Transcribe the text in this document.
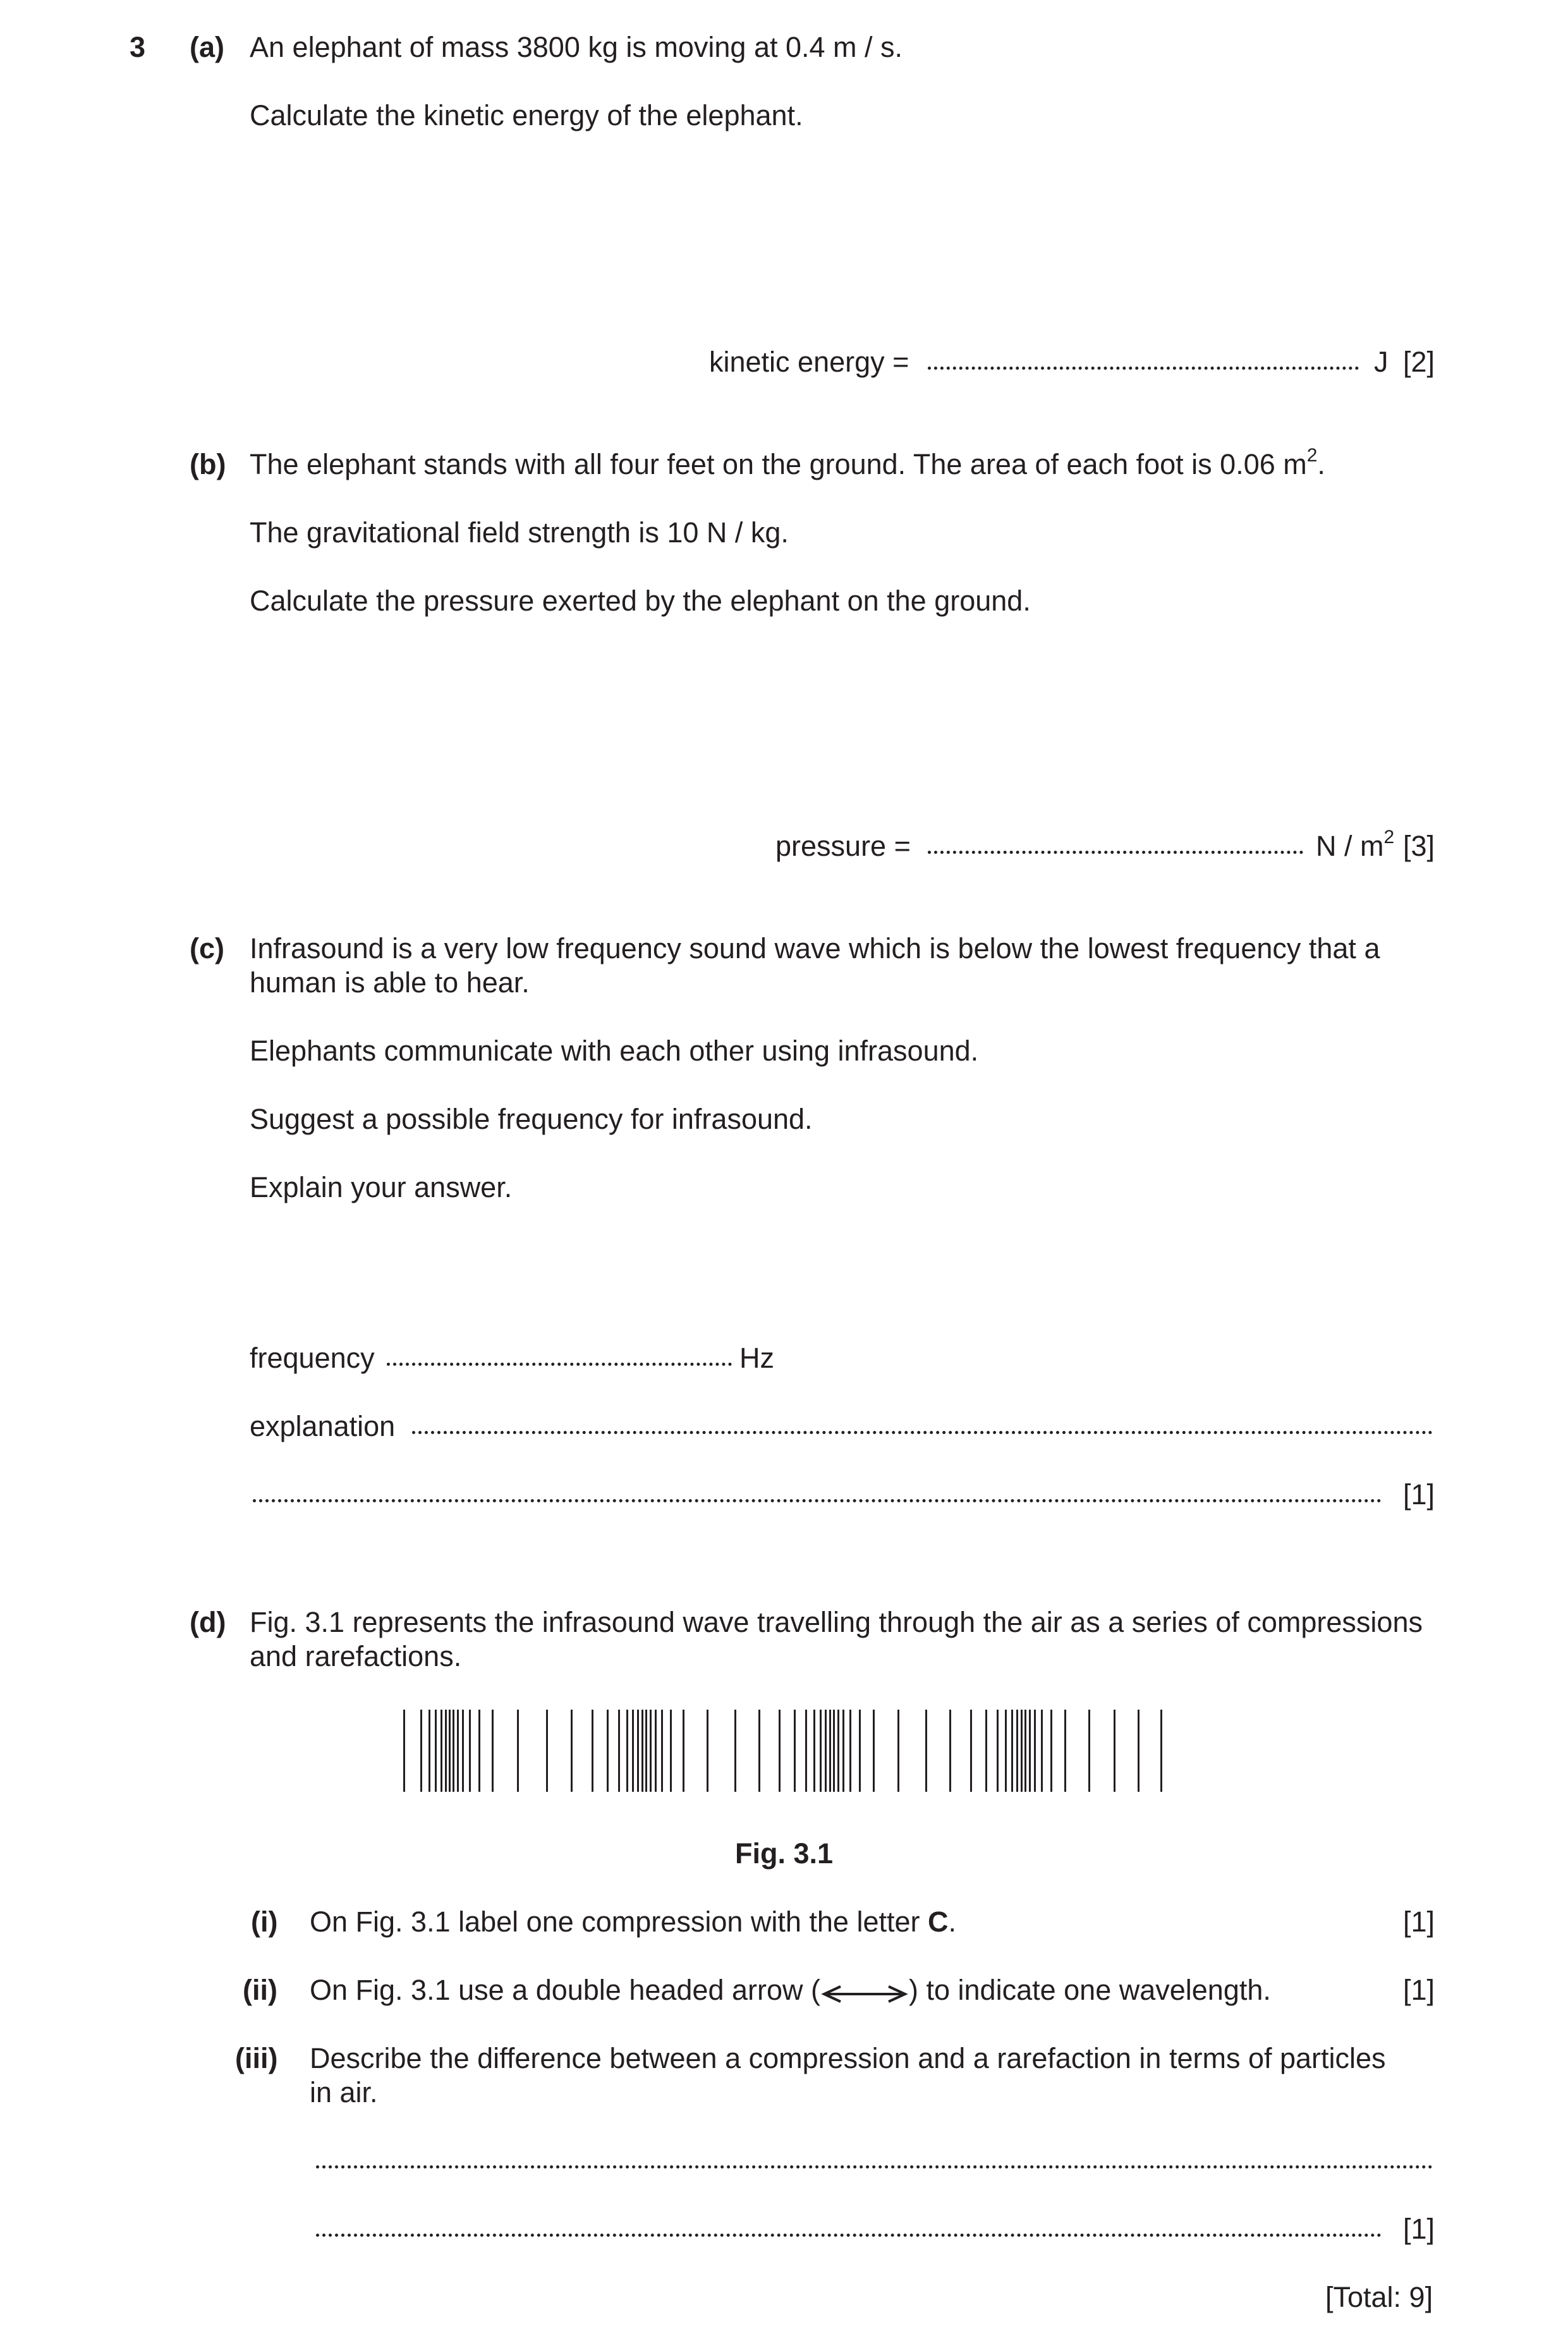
3 (a) An elephant of mass 3800 kg is moving at 0.4 m / s.
Calculate the kinetic energy of the elephant.
kinetic energy =	J [2]
(b) The elephant stands with all four feet on the ground. The area of each foot is 0.06 $m^2$.
The gravitational field strength is 10 N / kg.
Calculate the pressure exerted by the elephant on the ground.
pressure =	N / $m^2$ [3]
(c) Infrasound is a very low frequency sound wave which is below the lowest frequency that a
human is able to hear.
Elephants communicate with each other using infrasound.
Suggest a possible frequency for infrasound.
Explain your answer.
frequency	Hz
explanation
[1]
(d) Fig. 3.1 represents the infrasound wave travelling through the air as a series of compressions
and rarefactions.
Fig. 3.1
(i) On Fig. 3.1 label one compression with the letter C.	[1]
(ii) On Fig. 3.1 use a double headed arrow (	) to indicate one wavelength.	[1]
(iii) Describe the difference between a compression and a rarefaction in terms of particles
in air.
[1]
[Total: 9]
